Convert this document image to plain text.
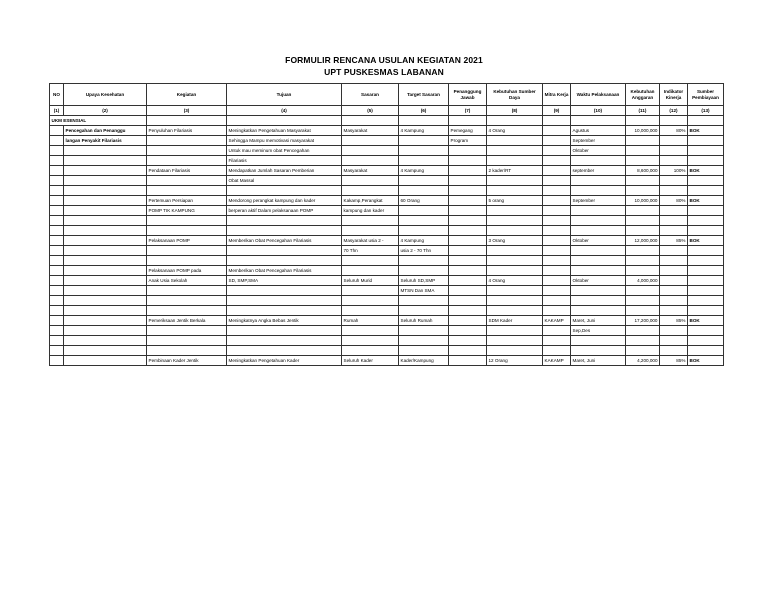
FORMULIR RENCANA USULAN KEGIATAN 2021
UPT PUSKESMAS LABANAN
NO	Upaya Kesehatan	Kegiatan	Tujuan	Sasaran	Target Sasaran	Penanggung Jawab	Kebutuhan Sumber Daya	Mitra Kerja	Waktu Pelaksanaan	Kebutuhan Anggaran	Indikator Kinerja	Sumber Pembiayaan
(1)	(2)	(3)	(4)	(5)	(6)	(7)	(8)	(9)	(10)	(11)	(12)	(13)
UKM ESENSIAL												
	Pencegahan dan Penanggu	Penyuluhan Filariasis	Meningkatkan Pengetahuan Masyarakat	Masyarakat	4 Kampung	Pemegang	4 Orang		Agustus	10,000,000	80%	BOK
	langan Penyakit Filariasis		Sehingga Mampu memotivasi masyarakat			Program			September			
			Untuk mau meminum obat Pencegahan						Oktober			
			Filariasis									
		Pendataan Filariasis	Mendapatkan Jumlah Sasaran Pemberian	Masyarakat	4 Kampung		2 kader/RT		september	8,600,000	100%	BOK
			Obat Massal									

		Pertemuan Persiapan	Mendorong perangkat kampung dan kader	Kakamp,Perangkat	60 Orang		5 orang		September	10,000,000	80%	BOK
		POMP TIK KAMPUNG	berperan aktif Dalam pelaksanaan POMP	kampung dan kader								

		Pelaksanaan POMP	Memberikan Obat Pencegahan Filariasis	Masyarakat usia 2 -	4 Kampung		3 Orang		Oktober	12,000,000	85%	BOK
				70 Thn	usia 2 - 70 Thn							

		Pelaksanaan POMP pada	Memberikan Obat Pencegahan Filariasis									
		Anak Usia Sekolah	SD, SMP,SMA	Seluruh Murid	Seluruh SD,SMP		4 Orang		Oktober	4,000,000		
					MTSN Dan SMA							

		Pemeriksaan Jentik Berkala	Meningkatnya Angka Bebas Jentik	Rumah	Seluruh Rumah		SDM Kader	KAKAMP	Maret, Juni	17,200,000	85%	BOK
									Sep,Des			

		Pembinaan Kader Jentik	Meningkatkan Pengetahuan Kader	Seluruh Kader	Kader/Kampung		12 Orang	KAKAMP	Maret, Juni	4,200,000	85%	BOK
